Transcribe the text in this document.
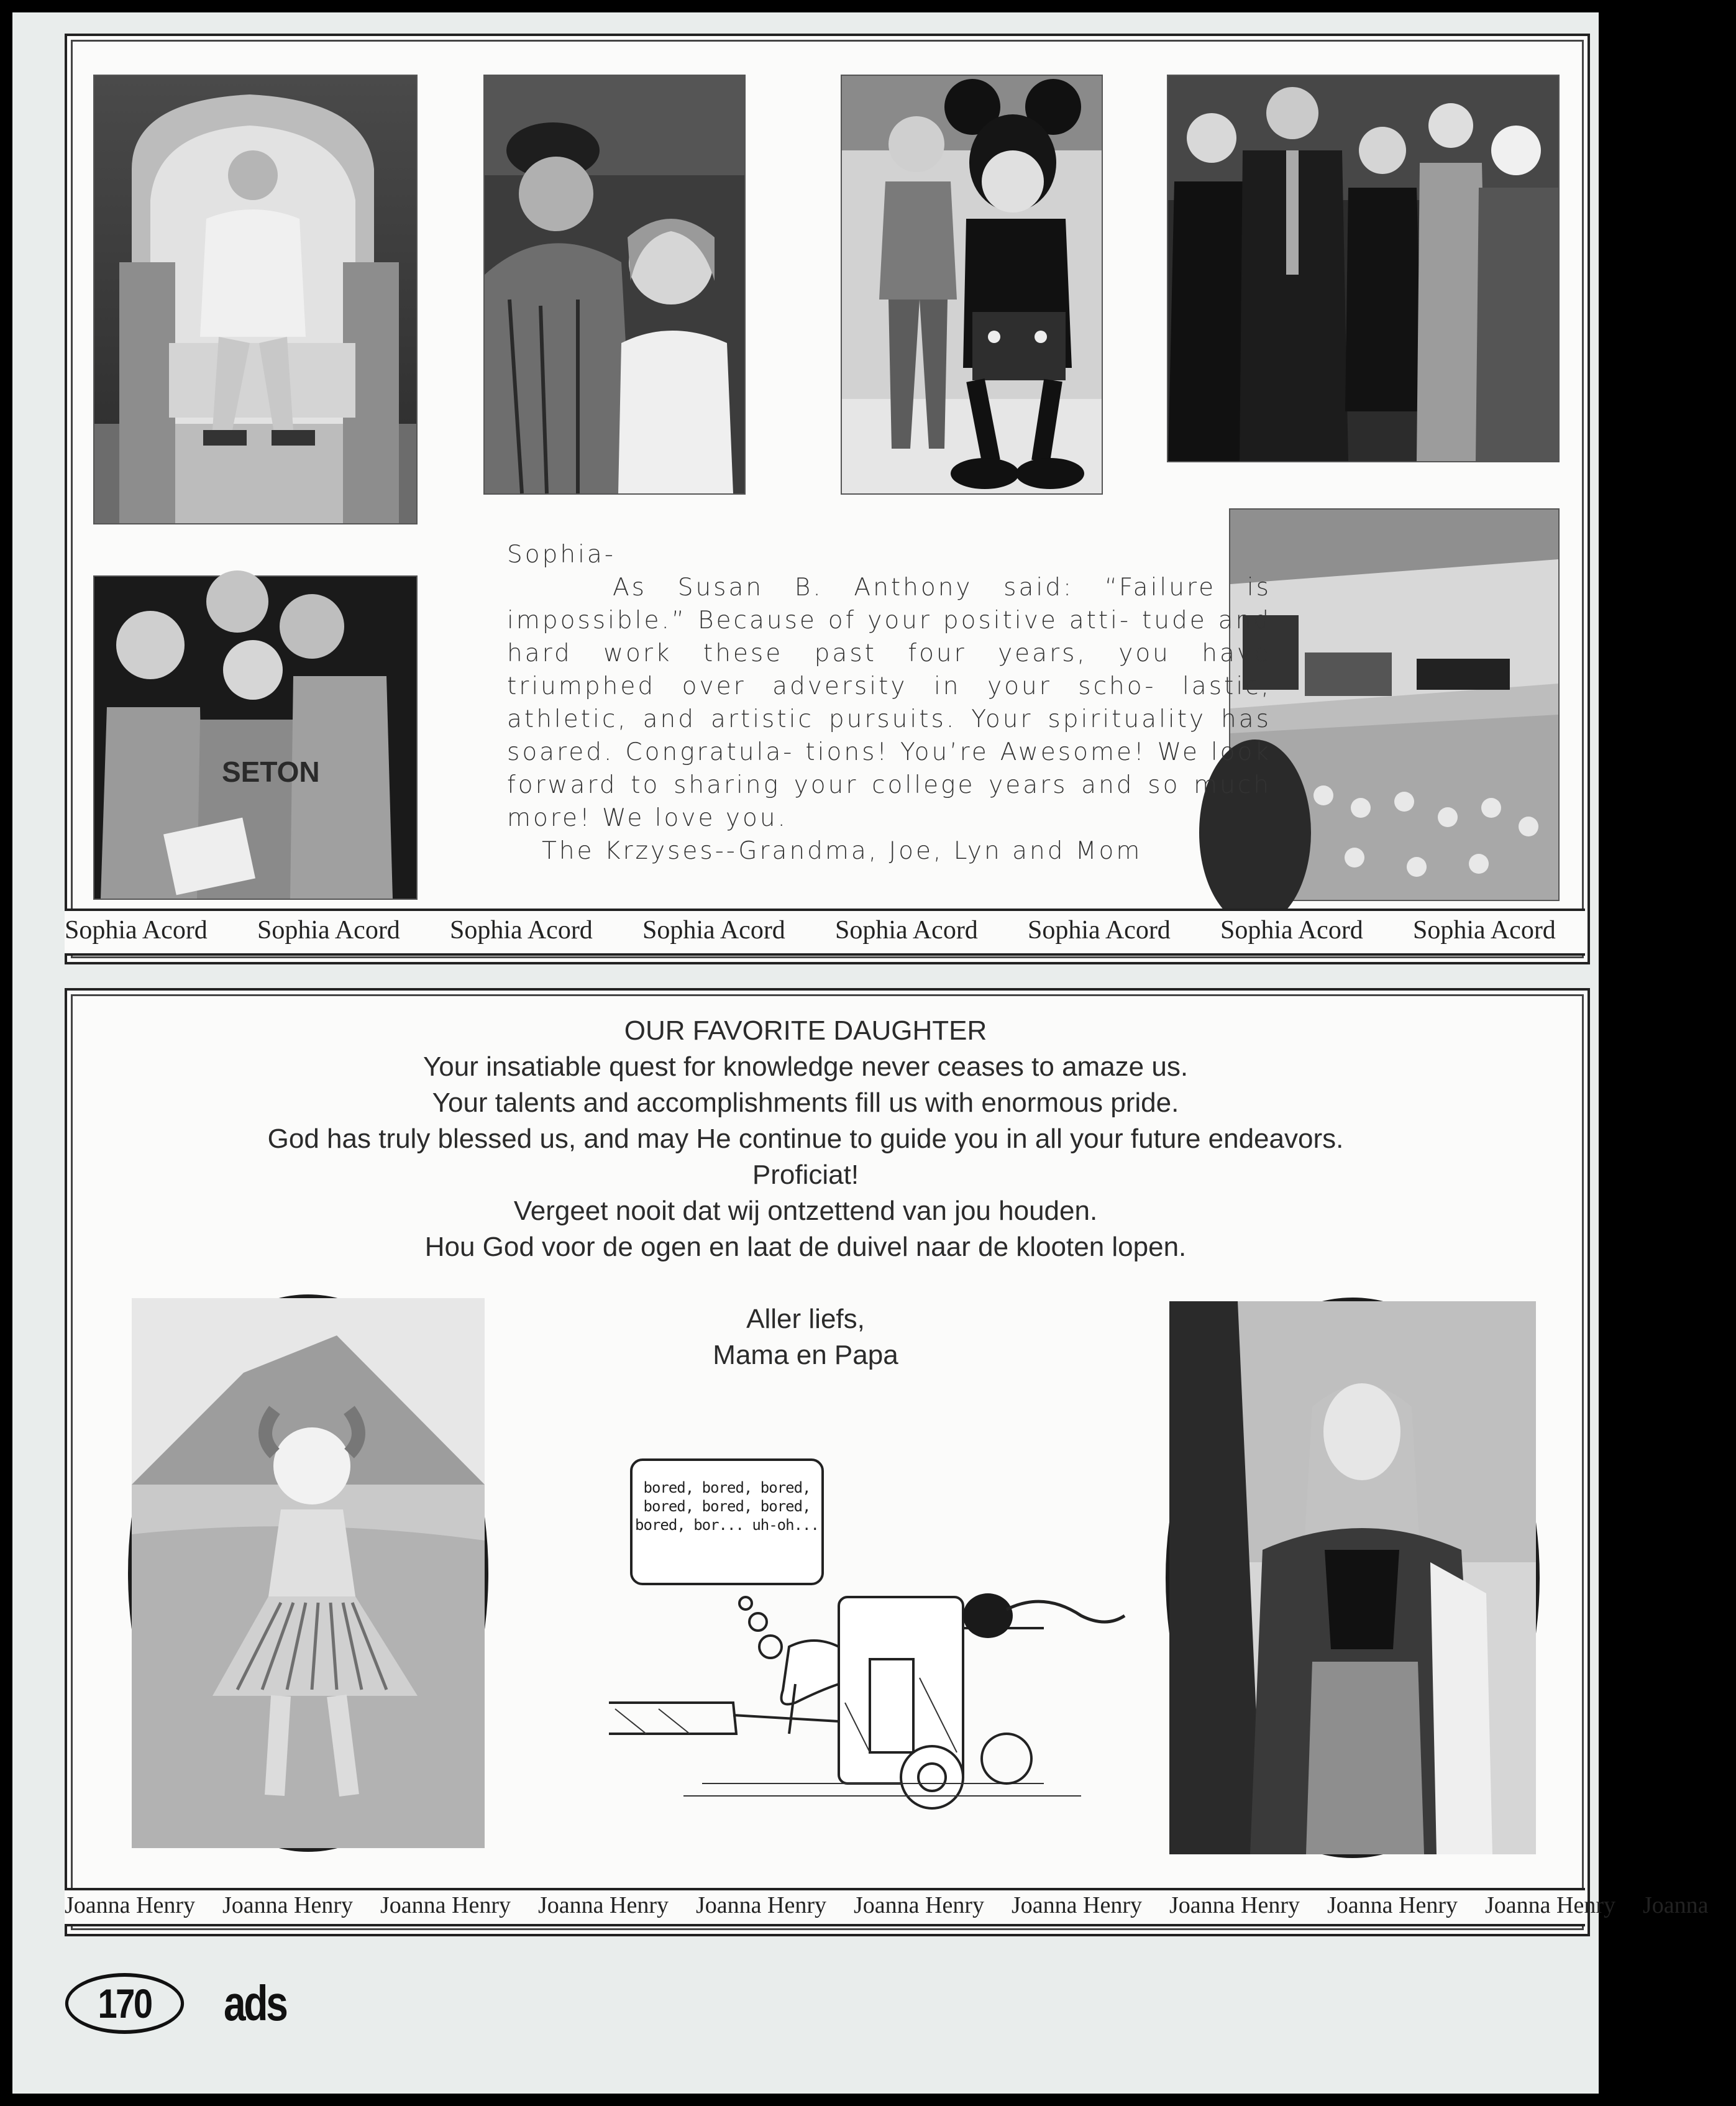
SETON
Sophia-
As Susan B. Anthony said: “Failure is impossible.” Because of your positive atti- tude and hard work these past four years, you have triumphed over adversity in your scho- lastic, athletic, and artistic pursuits. Your spirituality has soared. Congratula- tions! You’re Awesome! We look forward to sharing your college years and so much more! We love you.
The Krzyses--Grandma, Joe, Lyn and Mom
Sophia Acord Sophia Acord Sophia Acord Sophia Acord Sophia Acord Sophia Acord Sophia Acord Sophia Acord

OUR FAVORITE DAUGHTER

Your insatiable quest for knowledge never ceases to amaze us.

Your talents and accomplishments fill us with enormous pride.

God has truly blessed us, and may He continue to guide you in all your future endeavors.

Proficiat!

Vergeet nooit dat wij ontzettend van jou houden.

Hou God voor de ogen en laat de duivel naar de klooten lopen.

Aller liefs,

Mama en Papa

bored, bored, bored,
bored, bored, bored,
bored, bor... uh-oh...
Joanna Henry Joanna Henry Joanna Henry Joanna Henry Joanna Henry Joanna Henry Joanna Henry Joanna Henry Joanna Henry Joanna Henry Joanna
170	ads
